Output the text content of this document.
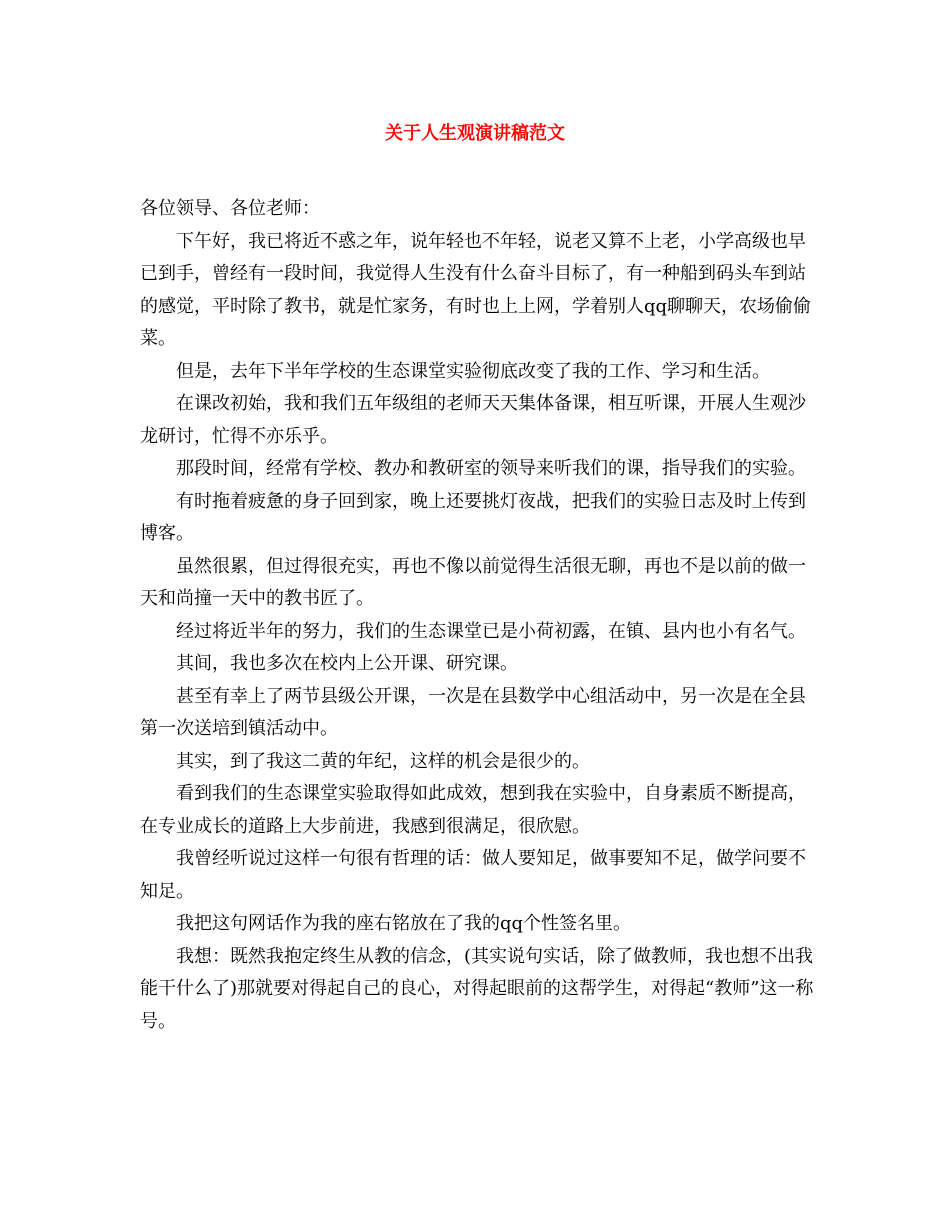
关于人生观演讲稿范文

各位领导、各位老师：

下午好，我已将近不惑之年，说年轻也不年轻，说老又算不上老，小学高级也早已到手，曾经有一段时间，我觉得人生没有什么奋斗目标了，有一种船到码头车到站的感觉，平时除了教书，就是忙家务，有时也上上网，学着别人qq聊聊天，农场偷偷菜。

但是，去年下半年学校的生态课堂实验彻底改变了我的工作、学习和生活。

在课改初始，我和我们五年级组的老师天天集体备课，相互听课，开展人生观沙龙研讨，忙得不亦乐乎。

那段时间，经常有学校、教办和教研室的领导来听我们的课，指导我们的实验。

有时拖着疲惫的身子回到家，晚上还要挑灯夜战，把我们的实验日志及时上传到博客。

虽然很累，但过得很充实，再也不像以前觉得生活很无聊，再也不是以前的做一天和尚撞一天中的教书匠了。

经过将近半年的努力，我们的生态课堂已是小荷初露，在镇、县内也小有名气。

其间，我也多次在校内上公开课、研究课。

甚至有幸上了两节县级公开课，一次是在县数学中心组活动中，另一次是在全县第一次送培到镇活动中。

其实，到了我这二黄的年纪，这样的机会是很少的。

看到我们的生态课堂实验取得如此成效，想到我在实验中，自身素质不断提高，在专业成长的道路上大步前进，我感到很满足，很欣慰。

我曾经听说过这样一句很有哲理的话：做人要知足，做事要知不足，做学问要不知足。

我把这句网话作为我的座右铭放在了我的qq个性签名里。

我想：既然我抱定终生从教的信念，(其实说句实话，除了做教师，我也想不出我能干什么了)那就要对得起自己的良心，对得起眼前的这帮学生，对得起“教师”这一称号。
